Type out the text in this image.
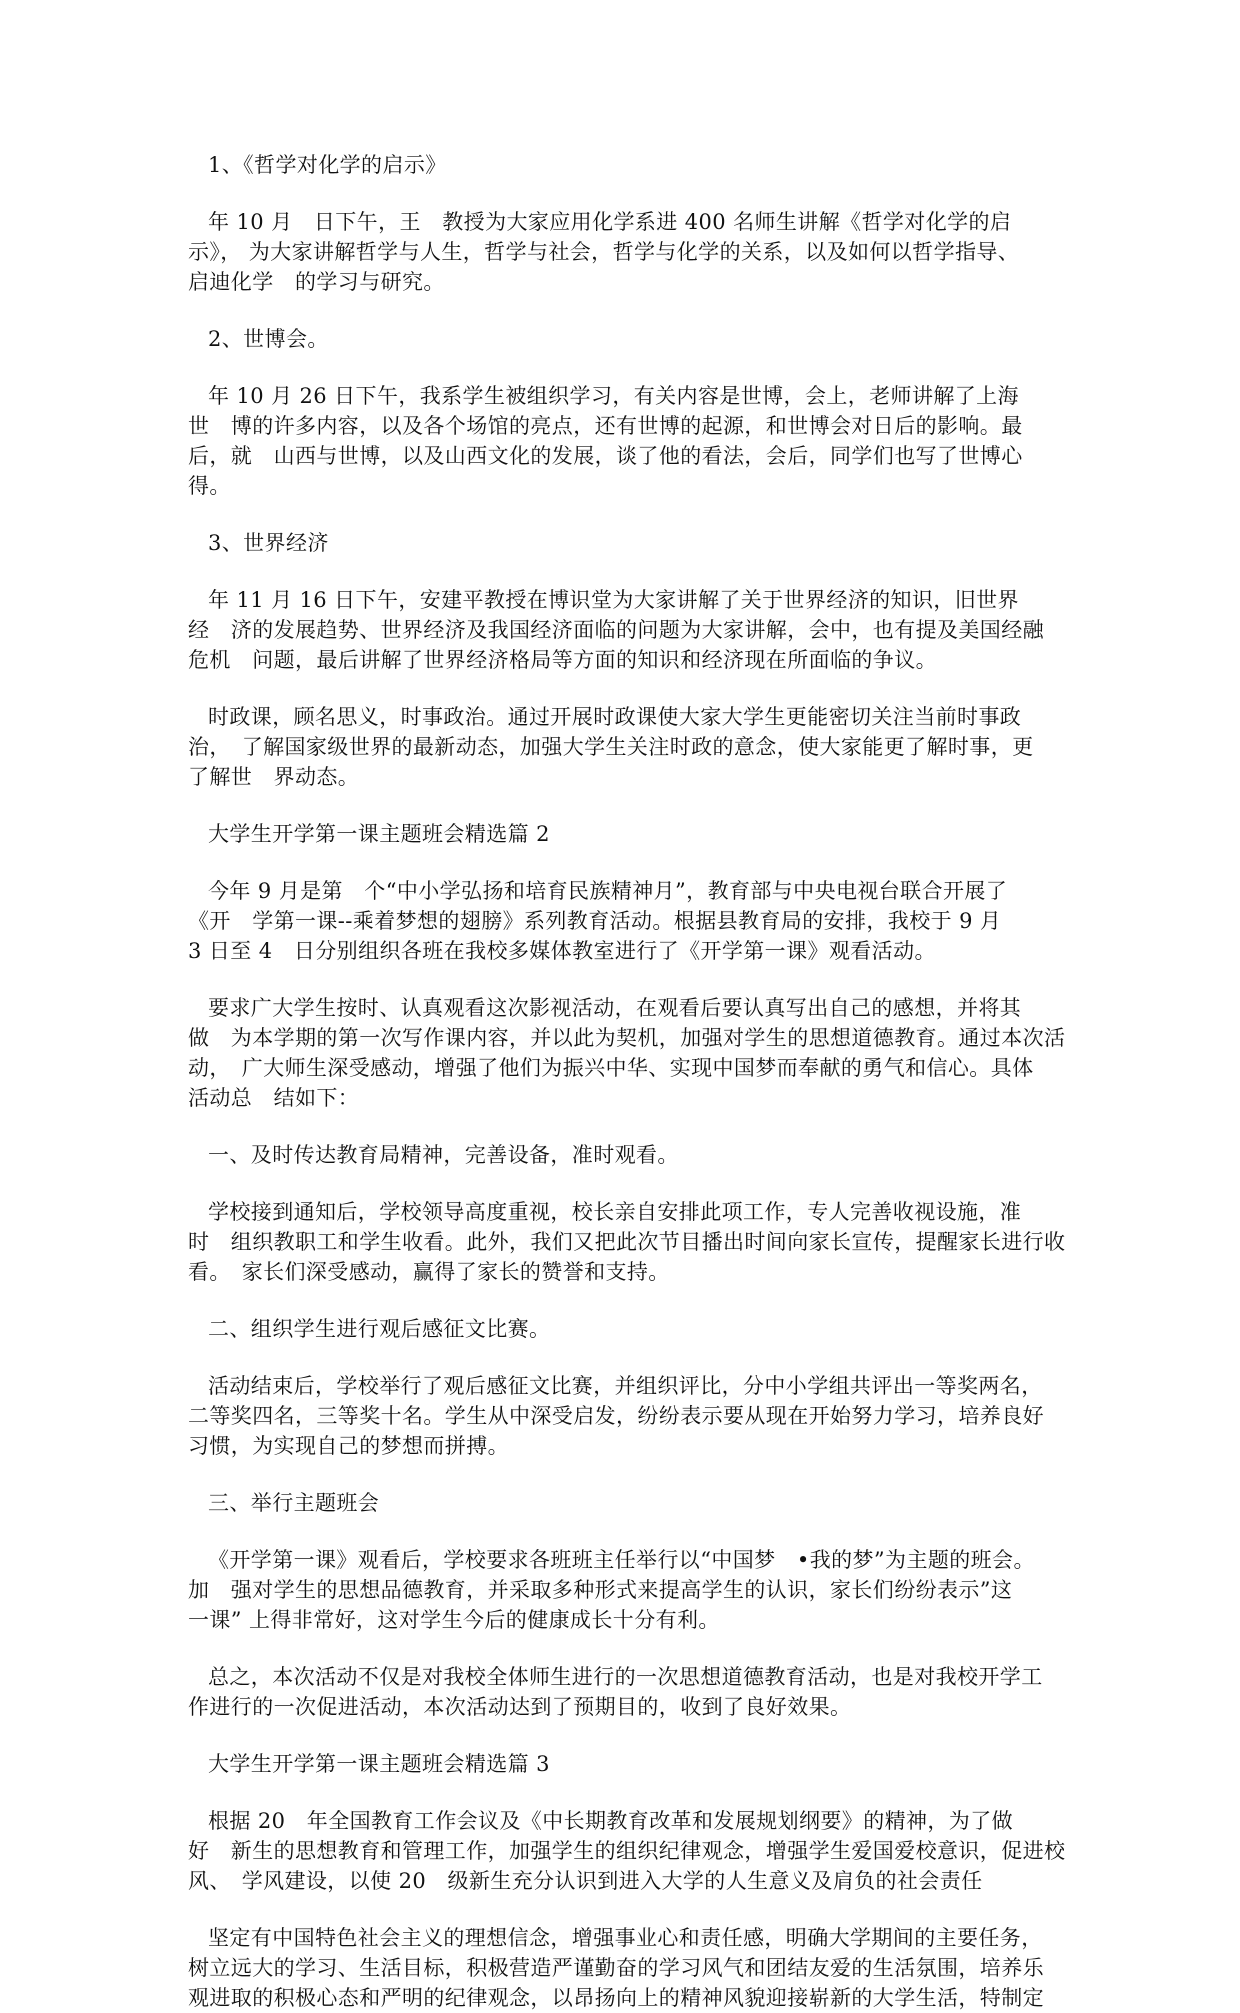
1、《哲学对化学的启示》

年 10 月　日下午，王　教授为大家应用化学系进 400 名师生讲解《哲学对化学的启

示》， 为大家讲解哲学与人生，哲学与社会，哲学与化学的关系，以及如何以哲学指导、

启迪化学　的学习与研究。

2、世博会。

年 10 月 26 日下午，我系学生被组织学习，有关内容是世博，会上，老师讲解了上海

世　博的许多内容，以及各个场馆的亮点，还有世博的起源，和世博会对日后的影响。最

后，就　山西与世博，以及山西文化的发展，谈了他的看法，会后，同学们也写了世博心

得。

3、世界经济

年 11 月 16 日下午，安建平教授在博识堂为大家讲解了关于世界经济的知识，旧世界

经　济的发展趋势、世界经济及我国经济面临的问题为大家讲解，会中，也有提及美国经融

危机　问题，最后讲解了世界经济格局等方面的知识和经济现在所面临的争议。

时政课，顾名思义，时事政治。通过开展时政课使大家大学生更能密切关注当前时事政

治，　了解国家级世界的最新动态，加强大学生关注时政的意念，使大家能更了解时事，更

了解世　界动态。

大学生开学第一课主题班会精选篇 2

今年 9 月是第　个“中小学弘扬和培育民族精神月”，教育部与中央电视台联合开展了

《开　学第一课--乘着梦想的翅膀》系列教育活动。根据县教育局的安排，我校于 9 月

3 日至 4　日分别组织各班在我校多媒体教室进行了《开学第一课》观看活动。

要求广大学生按时、认真观看这次影视活动，在观看后要认真写出自己的感想，并将其

做　为本学期的第一次写作课内容，并以此为契机，加强对学生的思想道德教育。通过本次活

动，　广大师生深受感动，增强了他们为振兴中华、实现中国梦而奉献的勇气和信心。具体

活动总　结如下：

一、及时传达教育局精神，完善设备，准时观看。

学校接到通知后，学校领导高度重视，校长亲自安排此项工作，专人完善收视设施，准

时　组织教职工和学生收看。此外，我们又把此次节目播出时间向家长宣传，提醒家长进行收

看。　家长们深受感动，赢得了家长的赞誉和支持。

二、组织学生进行观后感征文比赛。

活动结束后，学校举行了观后感征文比赛，并组织评比，分中小学组共评出一等奖两名，

二等奖四名，三等奖十名。学生从中深受启发，纷纷表示要从现在开始努力学习，培养良好

习惯，为实现自己的梦想而拼搏。

三、举行主题班会

《开学第一课》观看后，学校要求各班班主任举行以“中国梦　•我的梦”为主题的班会。

加　强对学生的思想品德教育，并采取多种形式来提高学生的认识，家长们纷纷表示”这

一课” 上得非常好，这对学生今后的健康成长十分有利。

总之，本次活动不仅是对我校全体师生进行的一次思想道德教育活动，也是对我校开学工

作进行的一次促进活动，本次活动达到了预期目的，收到了良好效果。

大学生开学第一课主题班会精选篇 3

根据 20　年全国教育工作会议及《中长期教育改革和发展规划纲要》的精神，为了做

好　新生的思想教育和管理工作，加强学生的组织纪律观念，增强学生爱国爱校意识，促进校

风、　学风建设，以使 20　级新生充分认识到进入大学的人生意义及肩负的社会责任

坚定有中国特色社会主义的理想信念，增强事业心和责任感，明确大学期间的主要任务，

树立远大的学习、生活目标，积极营造严谨勤奋的学习风气和团结友爱的生活氛围，培养乐

观进取的积极心态和严明的纪律观念，以昂扬向上的精神风貌迎接崭新的大学生活，特制定
